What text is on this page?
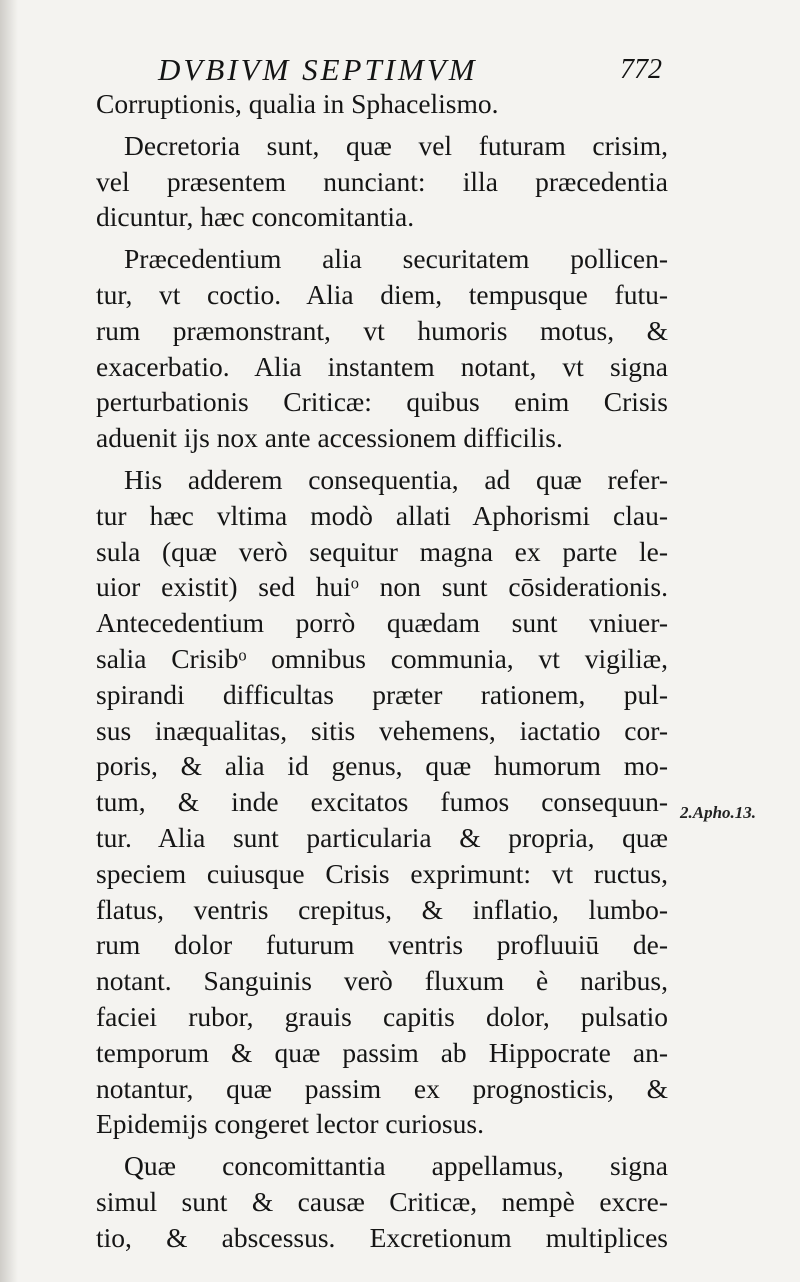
DVBIVM SEPTIMVM	772

Corruptionis, qualia in Sphacelismo.

Decretoria sunt, quæ vel futuram crisim,
vel præsentem nunciant: illa præcedentia
dicuntur, hæc concomitantia.

Præcedentium alia securitatem pollicen-
tur, vt coctio. Alia diem, tempusque futu-
rum præmonstrant, vt humoris motus, &
exacerbatio. Alia instantem notant, vt signa
perturbationis Criticæ: quibus enim Crisis
aduenit ijs nox ante accessionem difficilis.

His adderem consequentia, ad quæ refer-
tur hæc vltima modò allati Aphorismi clau-
sula (quæ verò sequitur magna ex parte le-
uior existit) sed huiᵒ non sunt cōsiderationis.
Antecedentium porrò quædam sunt vniuer-
salia Crisibᵒ omnibus communia, vt vigiliæ,
spirandi difficultas præter rationem, pul-
sus inæqualitas, sitis vehemens, iactatio cor-
poris, & alia id genus, quæ humorum mo-
tum, & inde excitatos fumos consequun-
tur. Alia sunt particularia & propria, quæ
speciem cuiusque Crisis exprimunt: vt ructus,
flatus, ventris crepitus, & inflatio, lumbo-
rum dolor futurum ventris profluuiū de-
notant. Sanguinis verò fluxum è naribus,
faciei rubor, grauis capitis dolor, pulsatio
temporum & quæ passim ab Hippocrate an-
notantur, quæ passim ex prognosticis, &
Epidemijs congeret lector curiosus.

Quæ concomittantia appellamus, signa
simul sunt & causæ Criticæ, nempè excre-
tio, & abscessus. Excretionum multiplices

2.Apho.13.
